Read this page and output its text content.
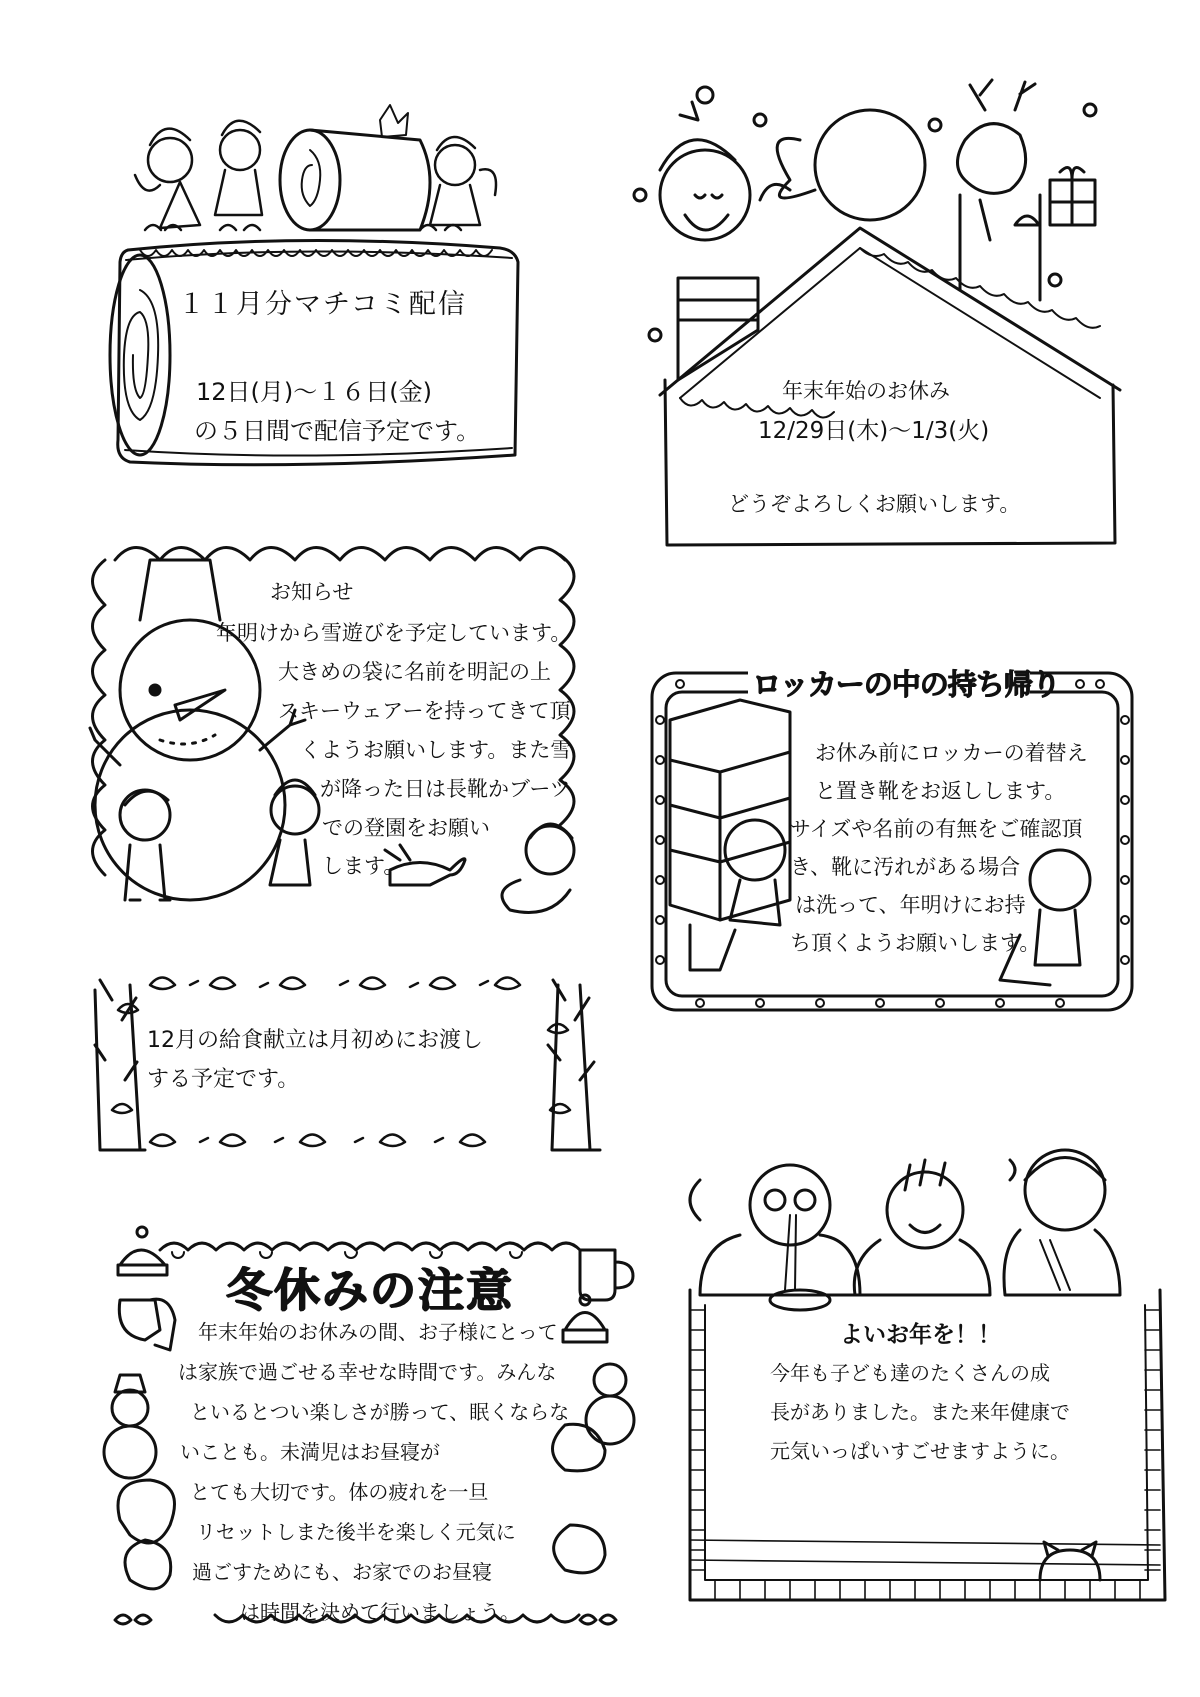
１１月分マチコミ配信
12日(月)～１６日(金)
の５日間で配信予定です。
年末年始のお休み
12/29日(木)～1/3(火)
どうぞよろしくお願いします。
お知らせ
年明けから雪遊びを予定しています。
大きめの袋に名前を明記の上
スキーウェアーを持ってきて頂
くようお願いします。また雪
が降った日は長靴かブーツ
での登園をお願い
します。
ロッカーの中の持ち帰り
お休み前にロッカーの着替え
と置き靴をお返しします。
サイズや名前の有無をご確認頂
き、靴に汚れがある場合
は洗って、年明けにお持
ち頂くようお願いします。
12月の給食献立は月初めにお渡し
する予定です。
冬休みの注意
年末年始のお休みの間、お子様にとって
は家族で過ごせる幸せな時間です。みんな
といるとつい楽しさが勝って、眠くならな
いことも。未満児はお昼寝が
とても大切です。体の疲れを一旦
リセットしまた後半を楽しく元気に
過ごすためにも、お家でのお昼寝
は時間を決めて行いましょう。
よいお年を！！
今年も子ども達のたくさんの成
長がありました。また来年健康で
元気いっぱいすごせますように。
